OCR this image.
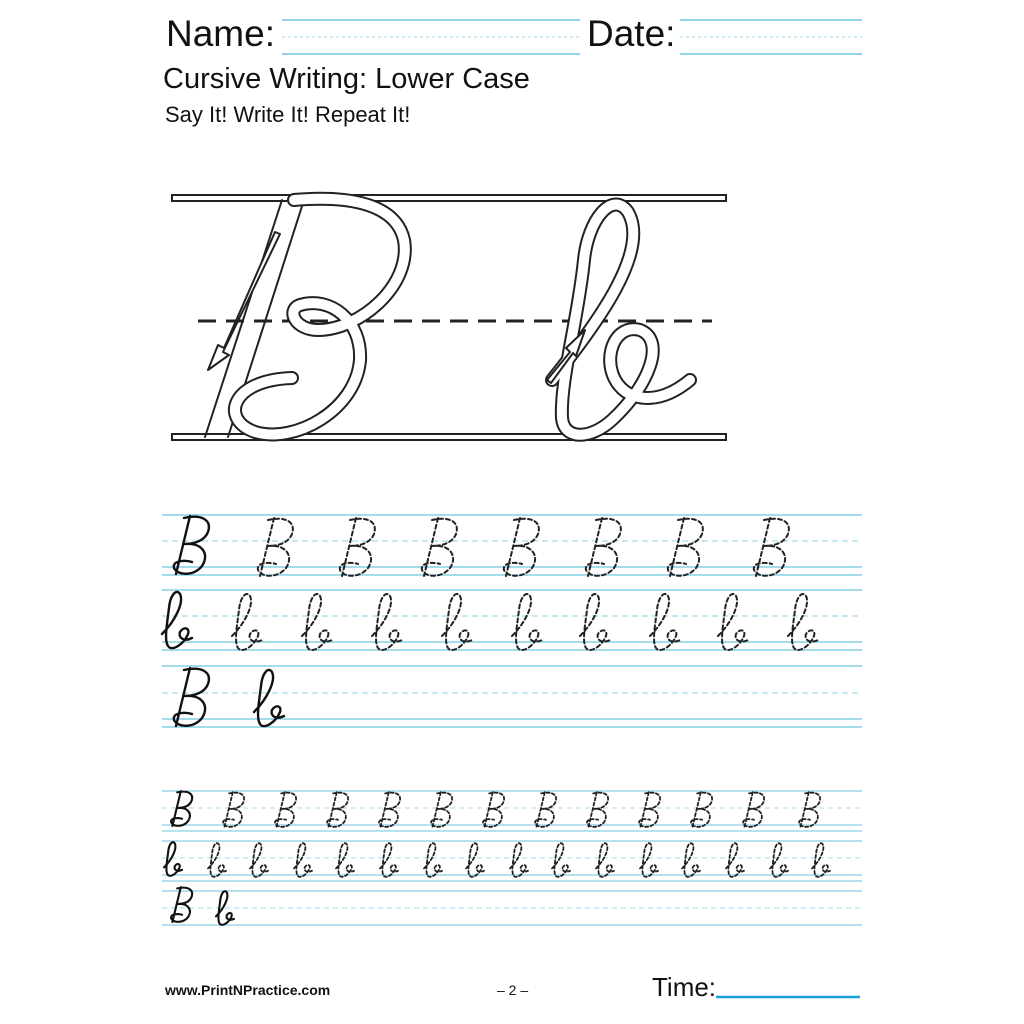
Name:	Date:
Cursive Writing: Lower Case
Say It! Write It! Repeat It!
www.PrintNPractice.com	– 2 –	Time:
